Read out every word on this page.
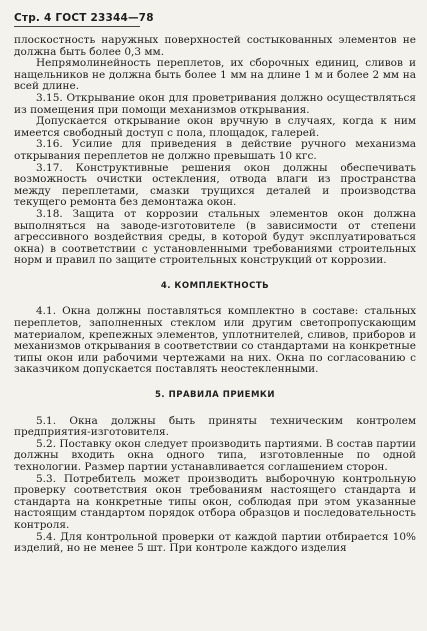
Стр. 4 ГОСТ 23344—78

плоскостность наружных поверхностей состыкованных элементов не должна быть более 0,3 мм.

Непрямолинейность переплетов, их сборочных единиц, сливов и нащельников не должна быть более 1 мм на длине 1 м и более 2 мм на всей длине.

3.15. Открывание окон для проветривания должно осуществляться из помещения при помощи механизмов открывания.

Допускается открывание окон вручную в случаях, когда к ним имеется свободный доступ с пола, площадок, галерей.

3.16. Усилие для приведения в действие ручного механизма открывания переплетов не должно превышать 10 кгс.

3.17. Конструктивные решения окон должны обеспечивать возможность очистки остекления, отвода влаги из пространства между переплетами, смазки трущихся деталей и производства текущего ремонта без демонтажа окон.

3.18. Защита от коррозии стальных элементов окон должна выполняться на заводе-изготовителе (в зависимости от степени агрессивного воздействия среды, в которой будут эксплуатироваться окна) в соответствии с установленными требованиями строительных норм и правил по защите строительных конструкций от коррозии.

4. КОМПЛЕКТНОСТЬ

4.1. Окна должны поставляться комплектно в составе: стальных переплетов, заполненных стеклом или другим светопропускающим материалом, крепежных элементов, уплотнителей, сливов, приборов и механизмов открывания в соответствии со стандартами на конкретные типы окон или рабочими чертежами на них. Окна по согласованию с заказчиком допускается поставлять неостекленными.

5. ПРАВИЛА ПРИЕМКИ

5.1. Окна должны быть приняты техническим контролем предприятия-изготовителя.

5.2. Поставку окон следует производить партиями. В состав партии должны входить окна одного типа, изготовленные по одной технологии. Размер партии устанавливается соглашением сторон.

5.3. Потребитель может производить выборочную контрольную проверку соответствия окон требованиям настоящего стандарта и стандарта на конкретные типы окон, соблюдая при этом указанные настоящим стандартом порядок отбора образцов и последовательность контроля.

5.4. Для контрольной проверки от каждой партии отбирается 10% изделий, но не менее 5 шт. При контроле каждого изделия
